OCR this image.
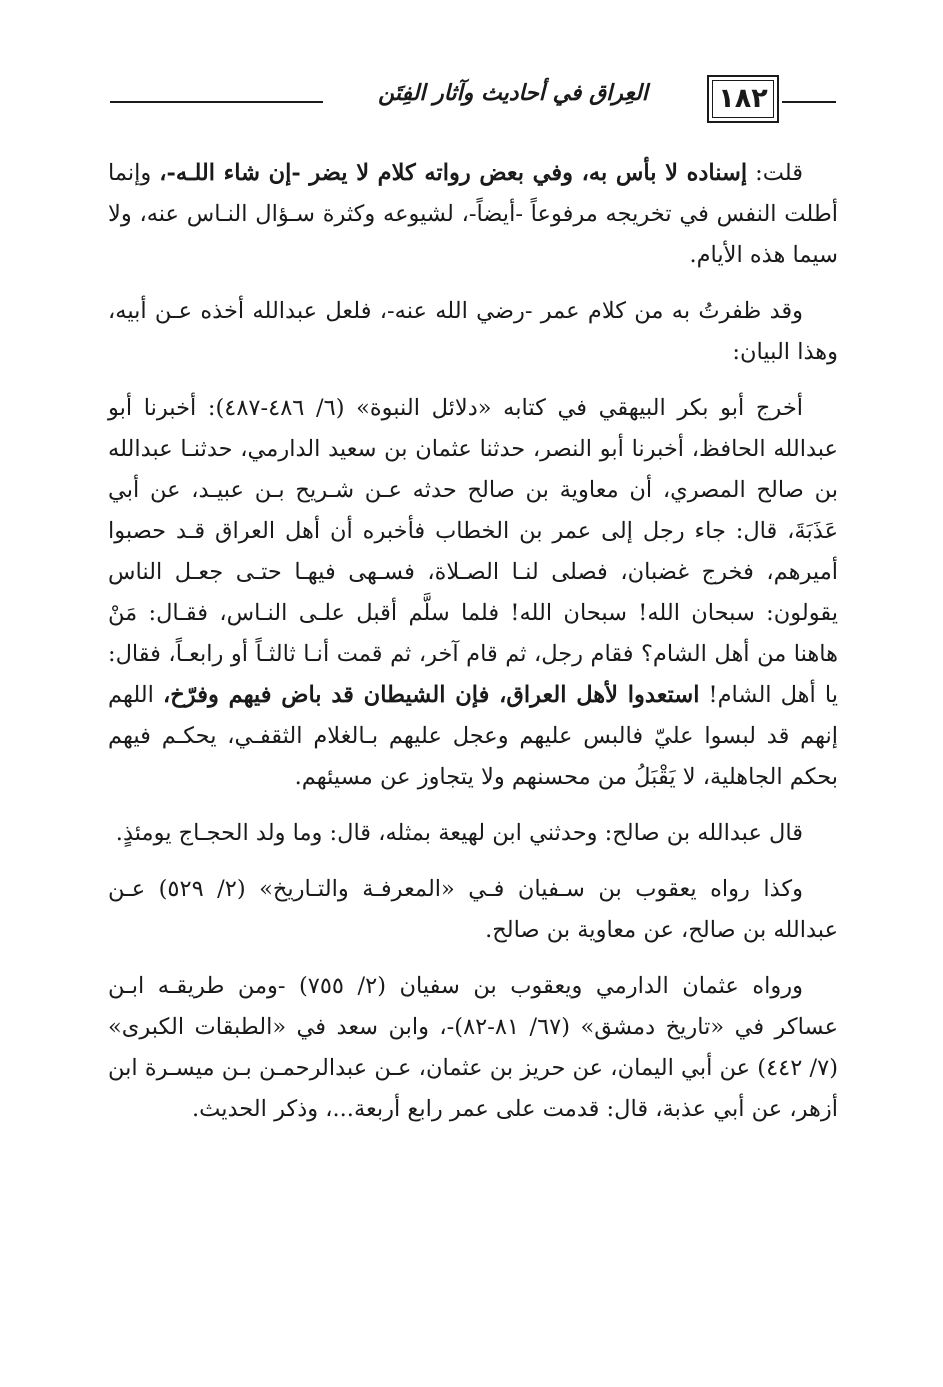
العِراق في أحاديث وآثار الفِتَن	١٨٢

قلت: إسناده لا بأس به، وفي بعض رواته كلام لا يضر -إن شاء اللـه-، وإنما أطلت النفس في تخريجه مرفوعاً -أيضاً-، لشيوعه وكثرة سـؤال النـاس عنه، ولا سيما هذه الأيام.

وقد ظفرتُ به من كلام عمر -رضي الله عنه-، فلعل عبدالله أخذه عـن أبيه، وهذا البيان:

أخرج أبو بكر البيهقي في كتابه «دلائل النبوة» (٦/ ٤٨٦-٤٨٧): أخبرنا أبو عبدالله الحافظ، أخبرنا أبو النصر، حدثنا عثمان بن سعيد الدارمي، حدثنـا عبدالله بن صالح المصري، أن معاوية بن صالح حدثه عـن شـريح بـن عبيـد، عن أبي عَذَبَةَ، قال: جاء رجل إلى عمر بن الخطاب فأخبره أن أهل العراق قـد حصبوا أميرهم، فخرج غضبان، فصلى لنـا الصـلاة، فسـهى فيهـا حتـى جعـل الناس يقولون: سبحان الله! سبحان الله! فلما سلَّم أقبل علـى النـاس، فقـال: مَنْ هاهنا من أهل الشام؟ فقام رجل، ثم قام آخر، ثم قمت أنـا ثالثـاً أو رابعـاً، فقال: يا أهل الشام! استعدوا لأهل العراق، فإن الشيطان قد باض فيهم وفرّخ، اللهم إنهم قد لبسوا عليّ فالبس عليهم وعجل عليهم بـالغلام الثقفـي، يحكـم فيهم بحكم الجاهلية، لا يَقْبَلُ من محسنهم ولا يتجاوز عن مسيئهم.

قال عبدالله بن صالح: وحدثني ابن لهيعة بمثله، قال: وما ولد الحجـاج يومئذٍ.

وكذا رواه يعقوب بن سـفيان فـي «المعرفـة والتـاريخ» (٢/ ٥٢٩) عـن عبدالله بن صالح، عن معاوية بن صالح.

ورواه عثمان الدارمي ويعقوب بن سفيان (٢/ ٧٥٥) -ومن طريقـه ابـن عساكر في «تاريخ دمشق» (٦٧/ ٨١-٨٢)-، وابن سعد في «الطبقات الكبرى» (٧/ ٤٤٢) عن أبي اليمان، عن حريز بن عثمان، عـن عبدالرحمـن بـن ميسـرة ابن أزهر، عن أبي عذبة، قال: قدمت على عمر رابع أربعة...، وذكر الحديث.
